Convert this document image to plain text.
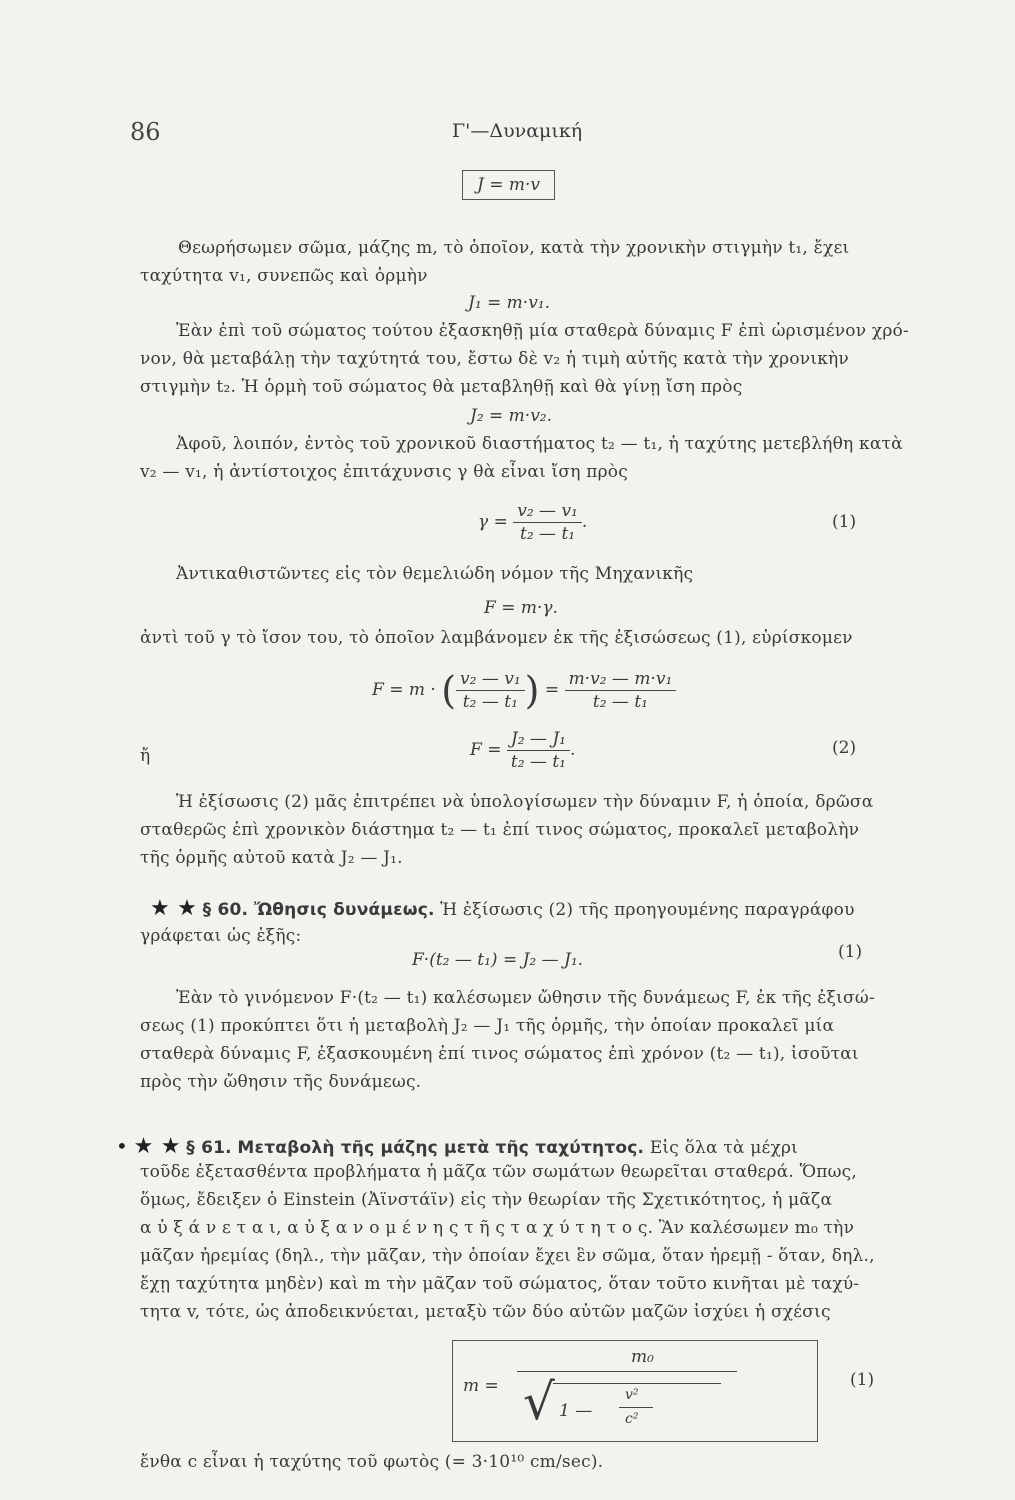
86	Γ'—Δυναμική
J = m·v
Θεωρήσωμεν σῶμα, μάζης m, τὸ ὁποῖον, κατὰ τὴν χρονικὴν στιγμὴν t₁, ἔχει
ταχύτητα v₁, συνεπῶς καὶ ὁρμὴν
J₁ = m·v₁.
Ἐὰν ἐπὶ τοῦ σώματος τούτου ἐξασκηθῇ μία σταθερὰ δύναμις F ἐπὶ ὡρισμένον χρό-
νον, θὰ μεταβάλῃ τὴν ταχύτητά του, ἔστω δὲ v₂ ἡ τιμὴ αὐτῆς κατὰ τὴν χρονικὴν
στιγμὴν t₂. Ἡ ὁρμὴ τοῦ σώματος θὰ μεταβληθῇ καὶ θὰ γίνῃ ἴση πρὸς
J₂ = m·v₂.
Ἀφοῦ, λοιπόν, ἐντὸς τοῦ χρονικοῦ διαστήματος t₂ — t₁, ἡ ταχύτης μετεβλήθη κατὰ
v₂ — v₁, ἡ ἀντίστοιχος ἐπιτάχυνσις γ θὰ εἶναι ἴση πρὸς
$\gamma = \frac{\text{v₂ — v₁}}{\text{t₂ — t₁}}$ .	(1)
Ἀντικαθιστῶντες εἰς τὸν θεμελιώδη νόμον τῆς Μηχανικῆς
F = m·γ.
ἀντὶ τοῦ γ τὸ ἴσον του, τὸ ὁποῖον λαμβάνομεν ἐκ τῆς ἐξισώσεως (1), εὑρίσκομεν
F = m · ( $\frac{\text{v₂ — v₁}}{\text{t₂ — t₁}}$ ) = $\frac{\text{m·v₂ — m·v₁}}{\text{t₂ — t₁}}$
ἤ	$F = \frac{\text{J₂ — J₁}}{\text{t₂ — t₁}}$ .	(2)
Ἡ ἐξίσωσις (2) μᾶς ἐπιτρέπει νὰ ὑπολογίσωμεν τὴν δύναμιν F, ἡ ὁποία, δρῶσα
σταθερῶς ἐπὶ χρονικὸν διάστημα t₂ — t₁ ἐπί τινος σώματος, προκαλεῖ μεταβολὴν
τῆς ὁρμῆς αὐτοῦ κατὰ J₂ — J₁.
★ ★ § 60. Ὤθησις δυνάμεως. Ἡ ἐξίσωσις (2) τῆς προηγουμένης παραγράφου
γράφεται ὡς ἑξῆς:
F·(t₂ — t₁) = J₂ — J₁.	(1)
Ἐὰν τὸ γινόμενον F·(t₂ — t₁) καλέσωμεν ὤθησιν τῆς δυνάμεως F, ἐκ τῆς ἐξισώ-
σεως (1) προκύπτει ὅτι ἡ μεταβολὴ J₂ — J₁ τῆς ὁρμῆς, τὴν ὁποίαν προκαλεῖ μία
σταθερὰ δύναμις F, ἐξασκουμένη ἐπί τινος σώματος ἐπὶ χρόνον (t₂ — t₁), ἰσοῦται
πρὸς τὴν ὤθησιν τῆς δυνάμεως.
• ★ ★ § 61. Μεταβολὴ τῆς μάζης μετὰ τῆς ταχύτητος. Εἰς ὅλα τὰ μέχρι
τοῦδε ἐξετασθέντα προβλήματα ἡ μᾶζα τῶν σωμάτων θεωρεῖται σταθερά. Ὅπως,
ὅμως, ἔδειξεν ὁ Einstein (Ἀϊνστάϊν) εἰς τὴν θεωρίαν τῆς Σχετικότητος, ἡ μᾶζα
α ὐ ξ ά ν ε τ α ι, α ὐ ξ α ν ο μ έ ν η ς τ ῆ ς τ α χ ύ τ η τ ο ς. Ἂν καλέσωμεν m₀ τὴν
μᾶζαν ἠρεμίας (δηλ., τὴν μᾶζαν, τὴν ὁποίαν ἔχει ἓν σῶμα, ὅταν ἠρεμῇ - ὅταν, δηλ.,
ἔχῃ ταχύτητα μηδὲν) καὶ m τὴν μᾶζαν τοῦ σώματος, ὅταν τοῦτο κινῆται μὲ ταχύ-
τητα v, τότε, ὡς ἀποδεικνύεται, μεταξὺ τῶν δύο αὐτῶν μαζῶν ἰσχύει ἡ σχέσις
m =
m₀
√ 1 —
v²
c²
(1)
ἔνθα c εἶναι ἡ ταχύτης τοῦ φωτὸς (= 3·10¹⁰ cm/sec).
